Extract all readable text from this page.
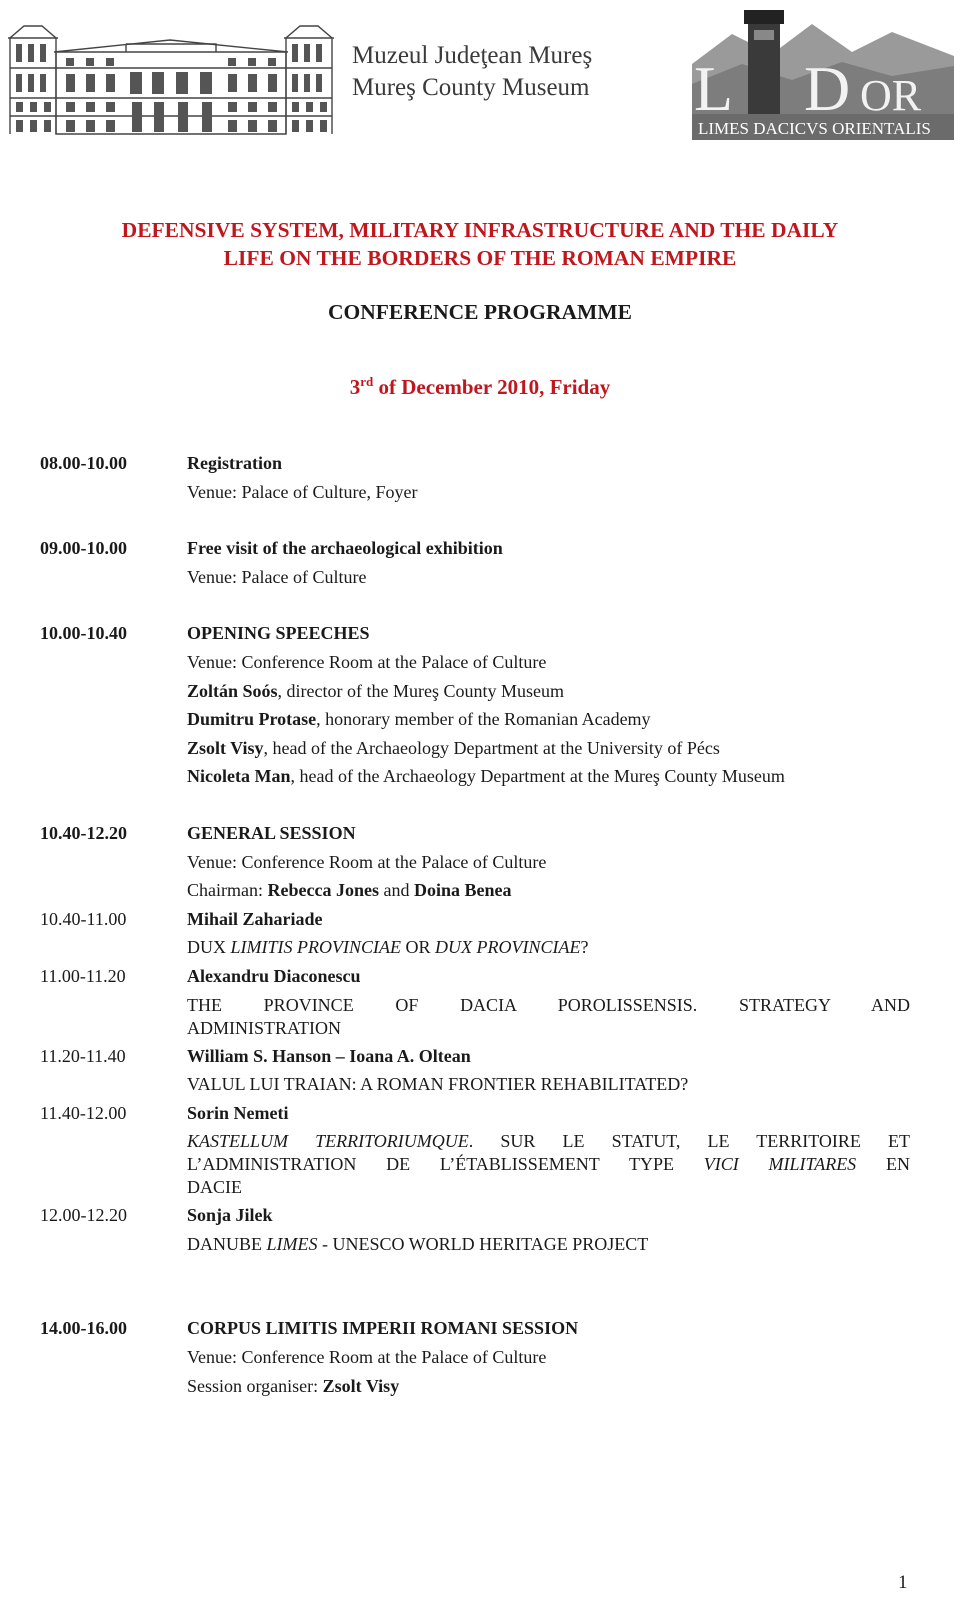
Muzeul Judeţean Mureş
Mureş County Museum L D OR
LIMES DACICVS ORIENTALIS
DEFENSIVE SYSTEM, MILITARY INFRASTRUCTURE AND THE DAILY
LIFE ON THE BORDERS OF THE ROMAN EMPIRE
CONFERENCE PROGRAMME
3rd of December 2010, Friday
08.00-10.00	Registration
Venue: Palace of Culture, Foyer
09.00-10.00	Free visit of the archaeological exhibition
Venue: Palace of Culture
10.00-10.40	OPENING SPEECHES
Venue: Conference Room at the Palace of Culture
Zoltán Soós, director of the Mureş County Museum
Dumitru Protase, honorary member of the Romanian Academy
Zsolt Visy, head of the Archaeology Department at the University of Pécs
Nicoleta Man, head of the Archaeology Department at the Mureş County Museum
10.40-12.20	GENERAL SESSION
Venue: Conference Room at the Palace of Culture
Chairman: Rebecca Jones and Doina Benea
10.40-11.00	Mihail Zahariade
DUX LIMITIS PROVINCIAE OR DUX PROVINCIAE?
11.00-11.20	Alexandru Diaconescu
THE PROVINCE OF DACIA POROLISSENSIS. STRATEGY AND
ADMINISTRATION
11.20-11.40	William S. Hanson – Ioana A. Oltean
VALUL LUI TRAIAN: A ROMAN FRONTIER REHABILITATED?
11.40-12.00	Sorin Nemeti
KASTELLUM TERRITORIUMQUE. SUR LE STATUT, LE TERRITOIRE ET L’ADMINISTRATION DE L’ÉTABLISSEMENT TYPE VICI MILITARES EN
DACIE
12.00-12.20	Sonja Jilek
DANUBE LIMES - UNESCO WORLD HERITAGE PROJECT
14.00-16.00	CORPUS LIMITIS IMPERII ROMANI SESSION
Venue: Conference Room at the Palace of Culture
Session organiser: Zsolt Visy
1
